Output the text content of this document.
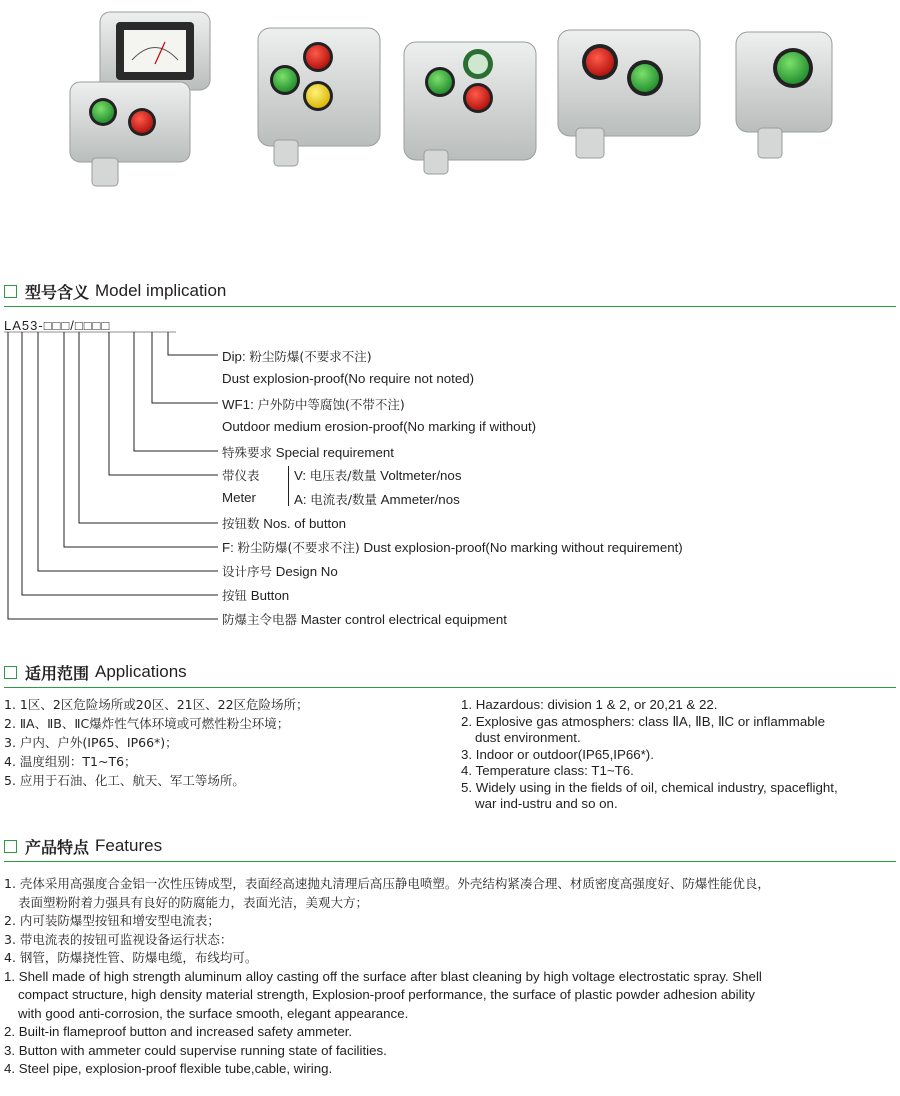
型号含义 Model implication
LA53-□□□/□□□□
Dip: 粉尘防爆(不要求不注)
Dust explosion-proof(No require not noted)
WF1: 户外防中等腐蚀(不带不注)
Outdoor medium erosion-proof(No marking if without)
特殊要求 Special requirement
带仪表
Meter
V: 电压表/数量 Voltmeter/nos
A: 电流表/数量 Ammeter/nos
按钮数 Nos. of button
F: 粉尘防爆(不要求不注) Dust explosion-proof(No marking without requirement)
设计序号 Design No
按钮 Button
防爆主令电器 Master control electrical equipment
适用范围 Applications
1. 1区、2区危险场所或20区、21区、22区危险场所；
2. ⅡA、ⅡB、ⅡC爆炸性气体环境或可燃性粉尘环境；
3. 户内、户外(IP65、IP66*)；
4. 温度组别：T1~T6；
5. 应用于石油、化工、航天、军工等场所。
1. Hazardous: division 1 & 2, or 20,21 & 22.
2. Explosive gas atmosphers: class ⅡA, ⅡB, ⅡC or inflammable
dust environment.
3. Indoor or outdoor(IP65,IP66*).
4. Temperature class: T1~T6.
5. Widely using in the fields of oil, chemical industry, spaceflight,
war ind-ustru and so on.
产品特点 Features
1. 壳体采用高强度合金铝一次性压铸成型，表面经高速抛丸清理后高压静电喷塑。外壳结构紧凑合理、材质密度高强度好、防爆性能优良，
表面塑粉附着力强具有良好的防腐能力，表面光洁，美观大方；
2. 内可装防爆型按钮和增安型电流表；
3. 带电流表的按钮可监视设备运行状态：
4. 钢管，防爆挠性管、防爆电缆，布线均可。
1. Shell made of high strength aluminum alloy casting off the surface after blast cleaning by high voltage electrostatic spray. Shell
compact structure, high density material strength, Explosion-proof performance, the surface of plastic powder adhesion ability
with good anti-corrosion, the surface smooth, elegant appearance.
2. Built-in flameproof button and increased safety ammeter.
3. Button with ammeter could supervise running state of facilities.
4. Steel pipe, explosion-proof flexible tube,cable, wiring.
